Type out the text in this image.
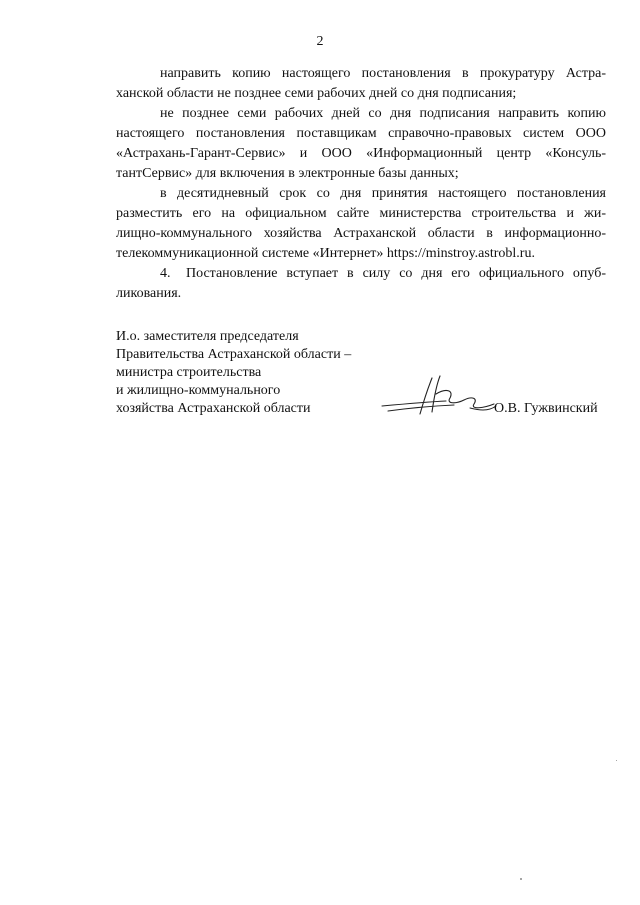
2

направить копию настоящего постановления в прокуратуру Астра-
ханской области не позднее семи рабочих дней со дня подписания;

не позднее семи рабочих дней со дня подписания направить копию
настоящего постановления поставщикам справочно-правовых систем ООО
«Астрахань-Гарант-Сервис» и ООО «Информационный центр «Консуль-
тантСервис» для включения в электронные базы данных;

в десятидневный срок со дня принятия настоящего постановления
разместить его на официальном сайте министерства строительства и жи-
лищно-коммунального хозяйства Астраханской области в информационно-
телекоммуникационной системе «Интернет» https://minstroy.astrobl.ru.

4. Постановление вступает в силу со дня его официального опуб-
ликования.

И.о. заместителя председателя
Правительства Астраханской области –
министра строительства
и жилищно-коммунального
хозяйства Астраханской области	О.В. Гужвинский
